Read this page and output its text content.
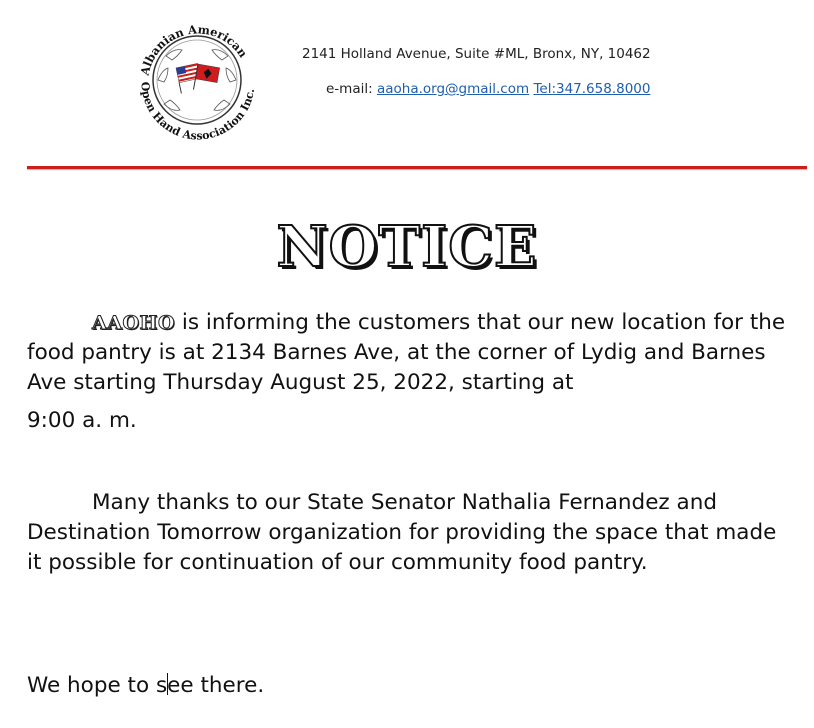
Albanian American
Open Hand Association Inc.
2141 Holland Avenue, Suite #ML, Bronx, NY, 10462
e-mail: aaoha.org@gmail.com Tel:347.658.8000
NOTICE
AAOHO is informing the customers that our new location for the food pantry is at 2134 Barnes Ave, at the corner of Lydig and Barnes Ave starting Thursday August 25, 2022, starting at
9:00 a. m.
Many thanks to our State Senator Nathalia Fernandez and Destination Tomorrow organization for providing the space that made it possible for continuation of our community food pantry.
We hope to see there.
